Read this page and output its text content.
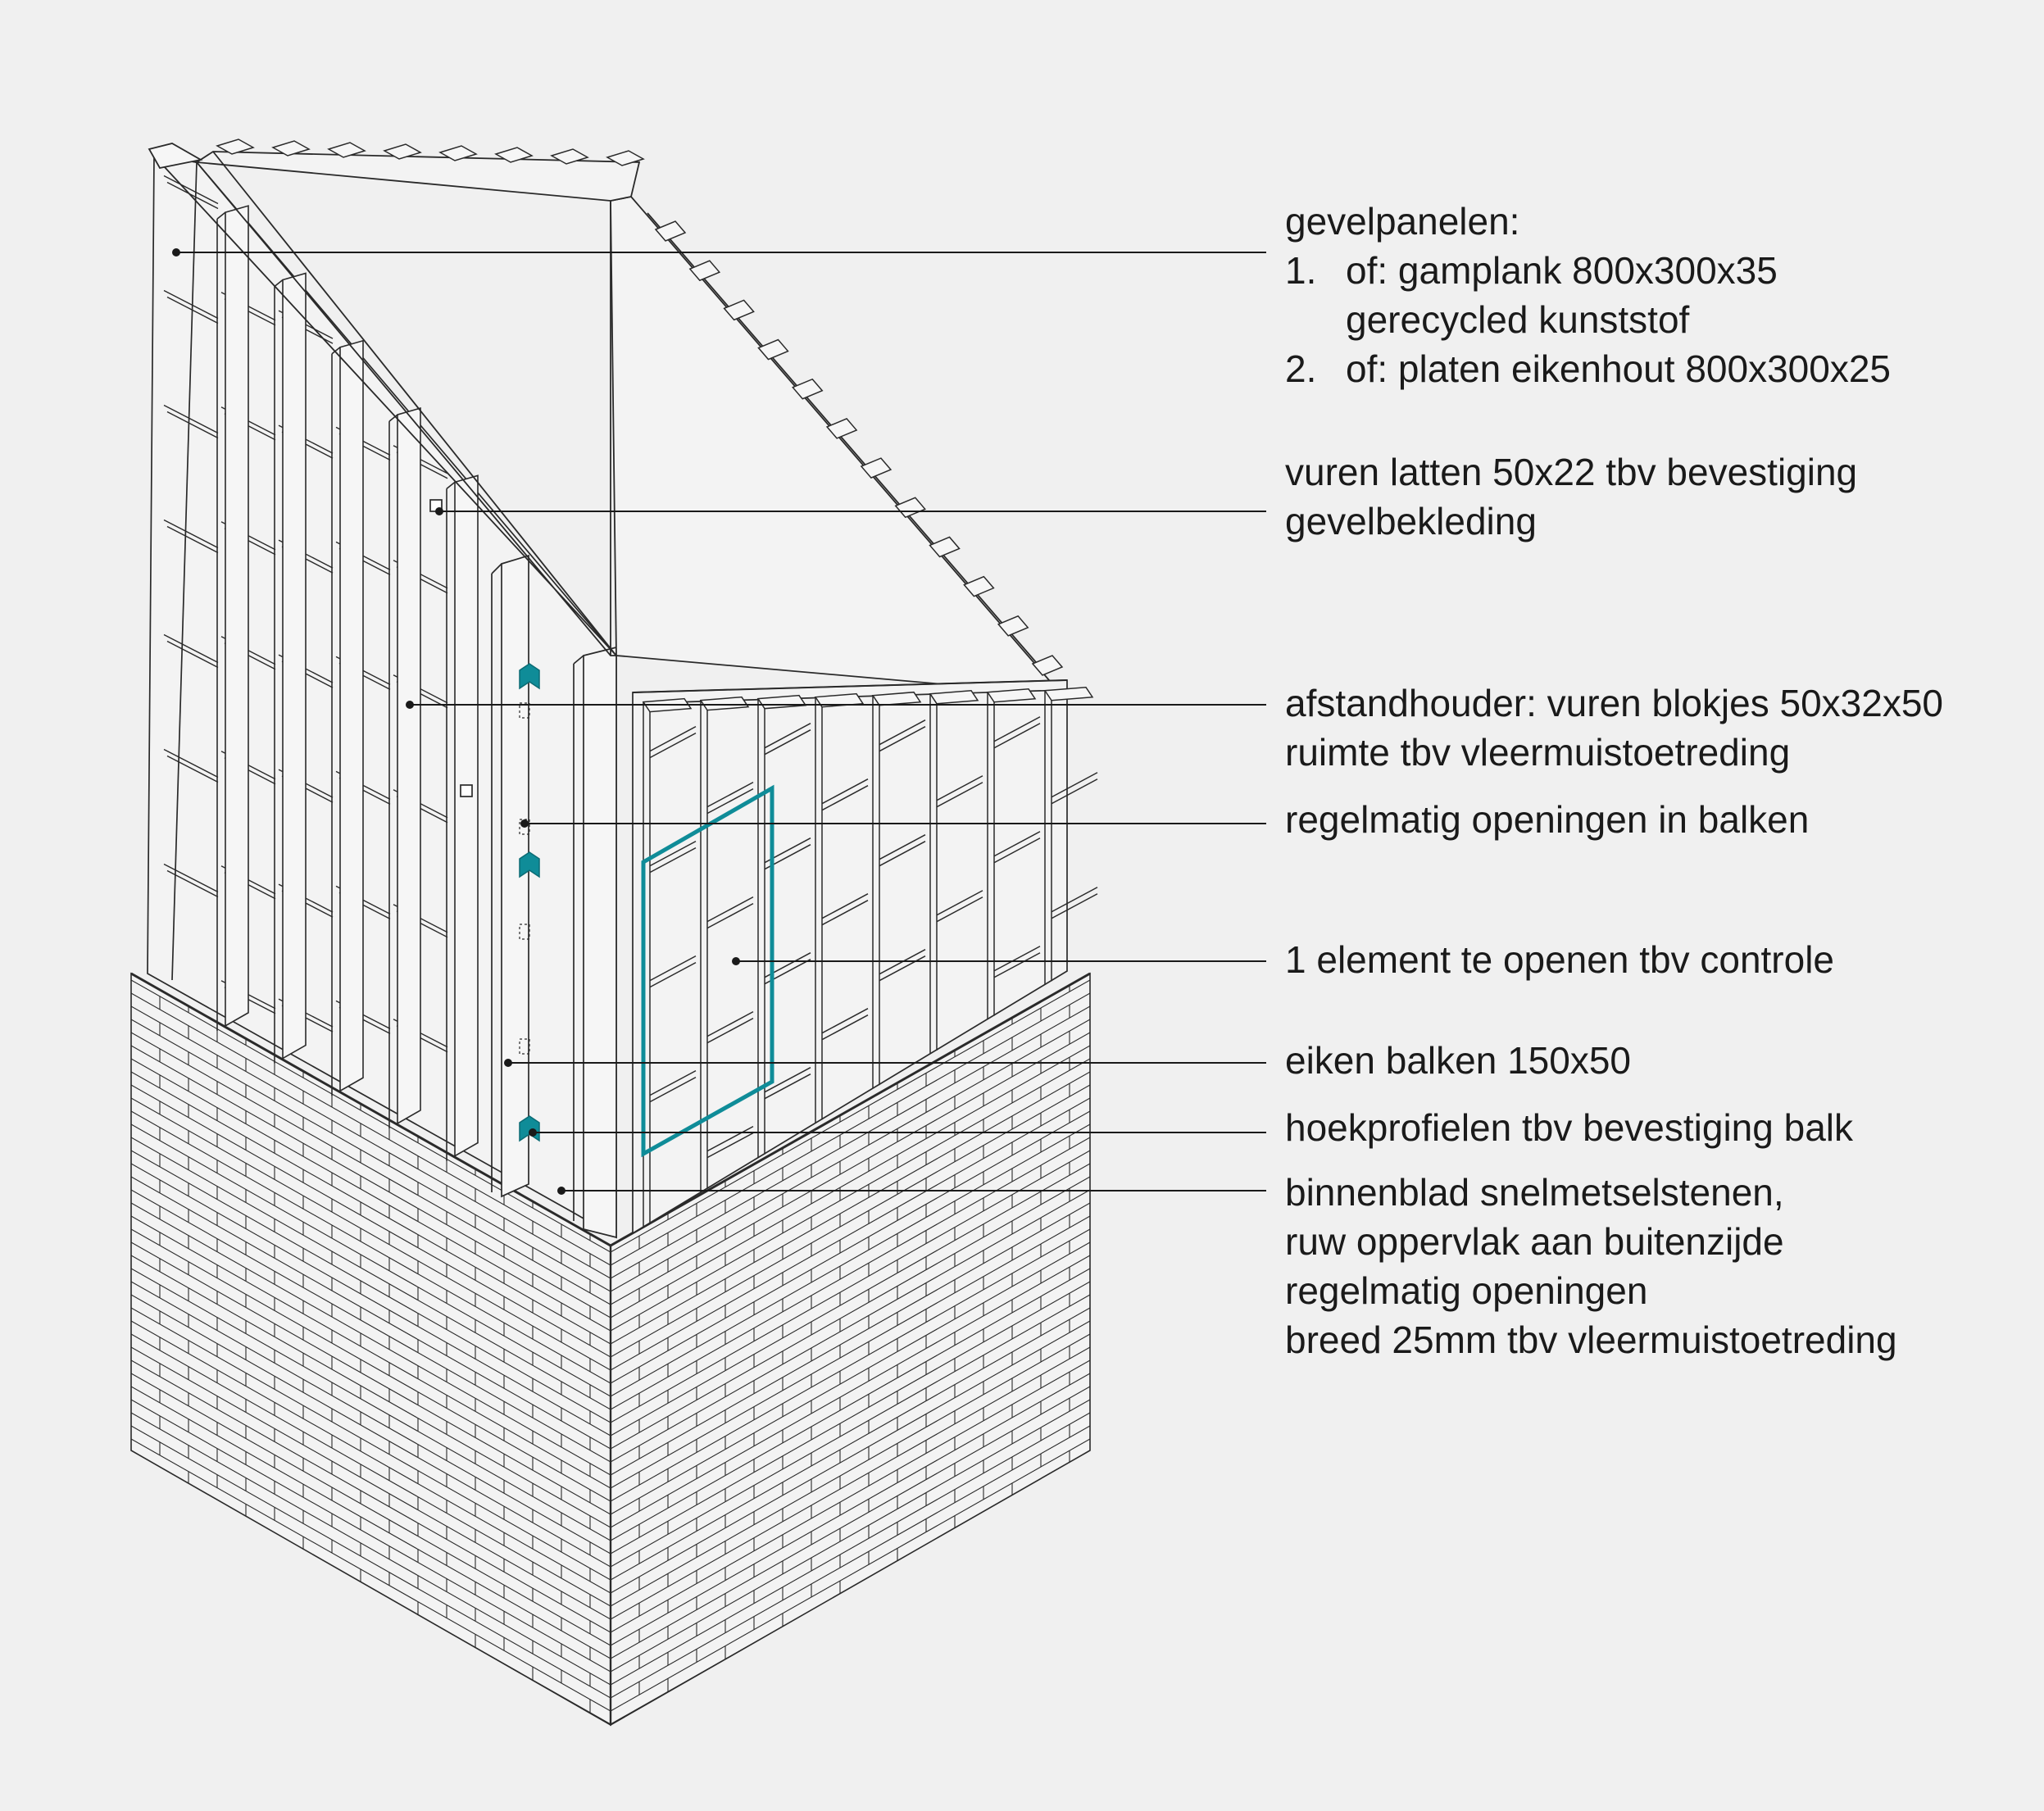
gevelpanelen:
1. of: gamplank 800x300x35
gerecycled kunststof
2. of: platen eikenhout 800x300x25
vuren latten 50x22 tbv bevestiging
gevelbekleding
afstandhouder: vuren blokjes 50x32x50
ruimte tbv vleermuistoetreding
regelmatig openingen in balken
1 element te openen tbv controle
eiken balken 150x50
hoekprofielen tbv bevestiging balk
binnenblad snelmetselstenen,
ruw oppervlak aan buitenzijde
regelmatig openingen
breed 25mm tbv vleermuistoetreding
